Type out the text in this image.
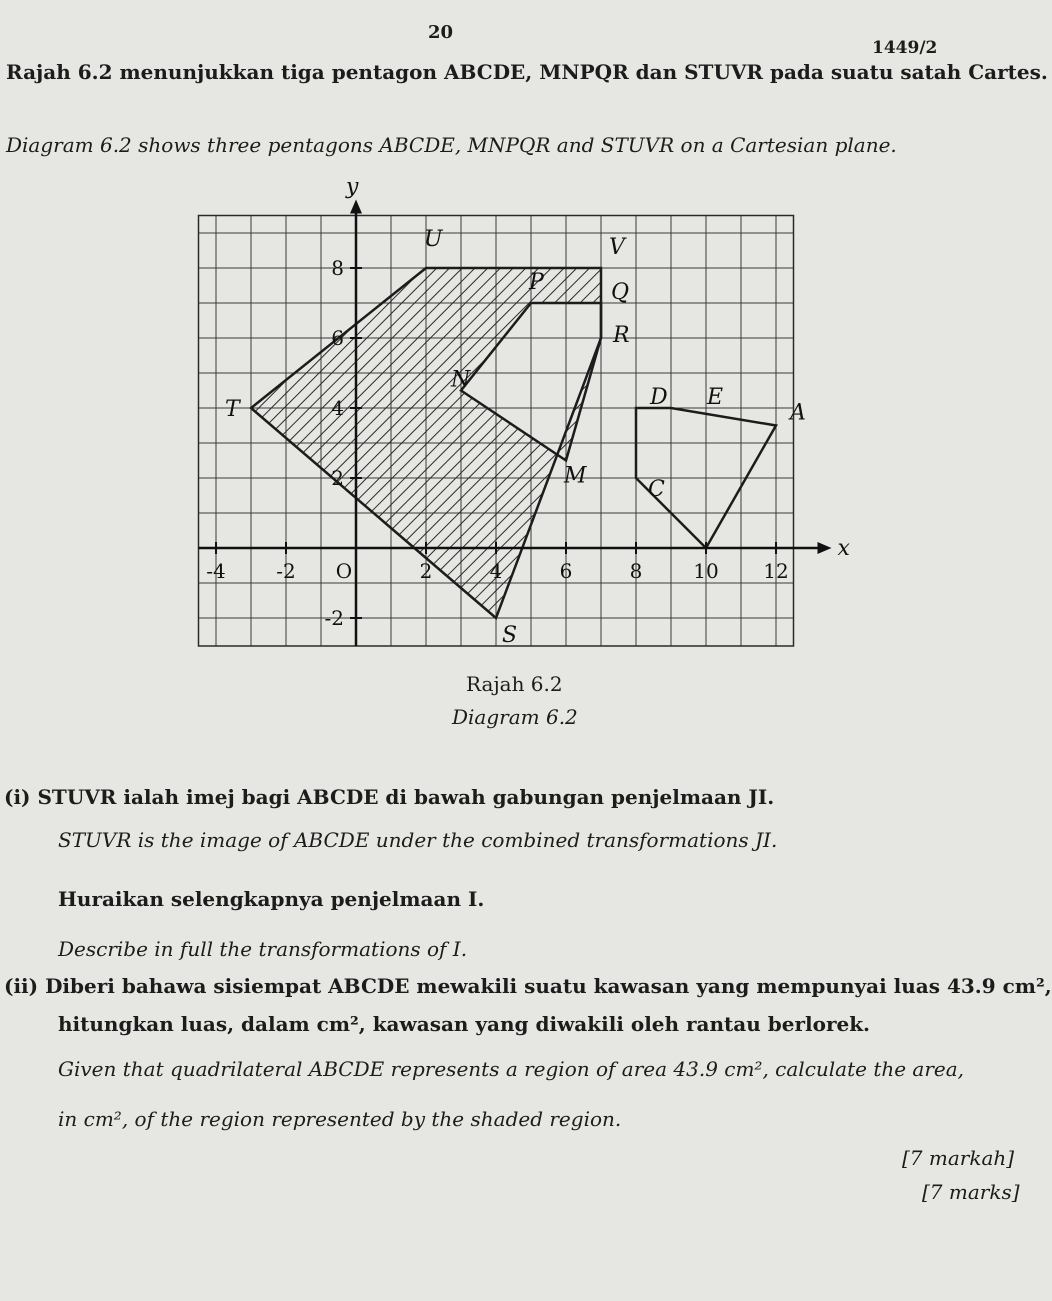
20
1449/2
Rajah 6.2 menunjukkan tiga pentagon ABCDE, MNPQR dan STUVR pada suatu satah Cartes.
Diagram 6.2 shows three pentagons ABCDE, MNPQR and STUVR on a Cartesian plane.
x
y
-4	-2 O	2	4	6	8	10 12
8
6
4
2
-2
A
C
D E
M
N
P	Q
R
S
T
U	V
Rajah 6.2
Diagram 6.2
(i) STUVR ialah imej bagi ABCDE di bawah gabungan penjelmaan JI.
STUVR is the image of ABCDE under the combined transformations JI.
Huraikan selengkapnya penjelmaan I.
Describe in full the transformations of I.
(ii) Diberi bahawa sisiempat ABCDE mewakili suatu kawasan yang mempunyai luas 43.9 cm²,
hitungkan luas, dalam cm², kawasan yang diwakili oleh rantau berlorek.
Given that quadrilateral ABCDE represents a region of area 43.9 cm², calculate the area,
in cm², of the region represented by the shaded region.
[7 markah]
[7 marks]
